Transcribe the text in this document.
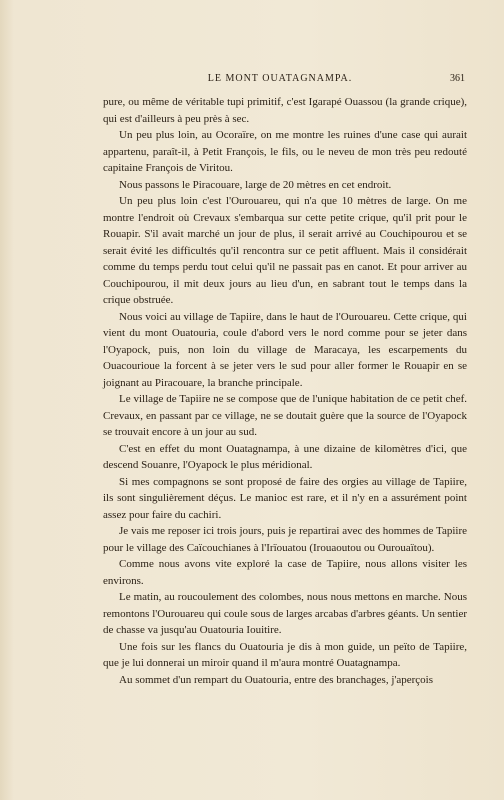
LE MONT OUATAGNAMPA.	361

pure, ou même de véritable tupi primitif, c'est Igarapé Ouassou (la grande crique), qui est d'ailleurs à peu près à sec.

Un peu plus loin, au Ocoraïre, on me montre les ruines d'une case qui aurait appartenu, paraît-il, à Petit François, le fils, ou le neveu de mon très peu redouté capitaine François de Viritou.

Nous passons le Piracouare, large de 20 mètres en cet endroit.

Un peu plus loin c'est l'Ourouareu, qui n'a que 10 mètres de large. On me montre l'endroit où Crevaux s'embarqua sur cette petite crique, qu'il prit pour le Rouapir. S'il avait marché un jour de plus, il serait arrivé au Couchipourou et se serait évité les difficultés qu'il rencontra sur ce petit affluent. Mais il considérait comme du temps perdu tout celui qu'il ne passait pas en canot. Et pour arriver au Couchipourou, il mit deux jours au lieu d'un, en sabrant tout le temps dans la crique obstruée.

Nous voici au village de Tapiire, dans le haut de l'Ourouareu. Cette crique, qui vient du mont Ouatouria, coule d'abord vers le nord comme pour se jeter dans l'Oyapock, puis, non loin du village de Maracaya, les escarpements du Ouacourioue la forcent à se jeter vers le sud pour aller former le Rouapir en se joignant au Piracouare, la branche principale.

Le village de Tapiire ne se compose que de l'unique habitation de ce petit chef. Crevaux, en passant par ce village, ne se doutait guère que la source de l'Oyapock se trouvait encore à un jour au sud.

C'est en effet du mont Ouatagnampa, à une dizaine de kilomètres d'ici, que descend Souanre, l'Oyapock le plus méridional.

Si mes compagnons se sont proposé de faire des orgies au village de Tapiire, ils sont singulièrement déçus. Le manioc est rare, et il n'y en a assurément point assez pour faire du cachiri.

Je vais me reposer ici trois jours, puis je repartirai avec des hommes de Tapiire pour le village des Caïcouchianes à l'Irïouatou (Irouaoutou ou Ourouaïtou).

Comme nous avons vite exploré la case de Tapiire, nous allons visiter les environs.

Le matin, au roucoulement des colombes, nous nous mettons en marche. Nous remontons l'Ourouareu qui coule sous de larges arcabas d'arbres géants. Un sentier de chasse va jusqu'au Ouatouria Iouitire.

Une fois sur les flancs du Ouatouria je dis à mon guide, un peïto de Tapiire, que je lui donnerai un miroir quand il m'aura montré Ouatagnampa.

Au sommet d'un rempart du Ouatouria, entre des branchages, j'aperçois
